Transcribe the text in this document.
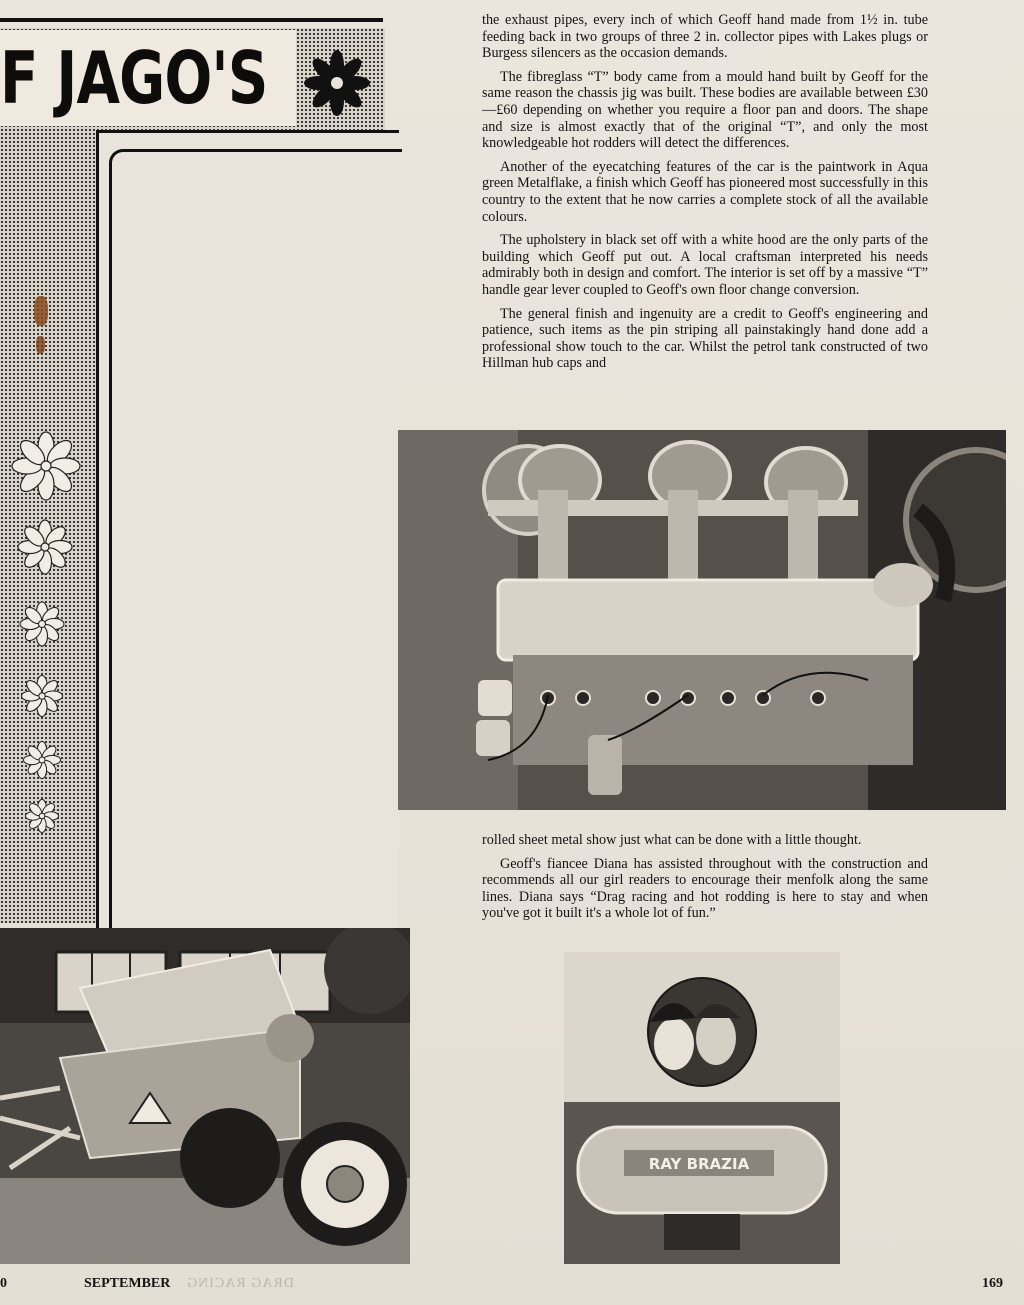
F JAGO'S

the exhaust pipes, every inch of which Geoff hand made from 1½ in. tube feeding back in two groups of three 2 in. collector pipes with Lakes plugs or Burgess silencers as the occasion demands.

The fibreglass “T” body came from a mould hand built by Geoff for the same reason the chassis jig was built. These bodies are available between £30—£60 depending on whether you require a floor pan and doors. The shape and size is almost exactly that of the original “T”, and only the most knowledgeable hot rodders will detect the differences.

Another of the eyecatching features of the car is the paintwork in Aqua green Metalflake, a finish which Geoff has pioneered most successfully in this country to the extent that he now carries a complete stock of all the available colours.

The upholstery in black set off with a white hood are the only parts of the building which Geoff put out. A local craftsman interpreted his needs admirably both in design and comfort. The interior is set off by a massive “T” handle gear lever coupled to Geoff's own floor change conversion.

The general finish and ingenuity are a credit to Geoff's engineering and patience, such items as the pin striping all painstakingly hand done add a professional show touch to the car. Whilst the petrol tank constructed of two Hillman hub caps and

rolled sheet metal show just what can be done with a little thought.

Geoff's fiancee Diana has assisted throughout with the construction and recommends all our girl readers to encourage their menfolk along the same lines. Diana says “Drag racing and hot rodding is here to stay and when you've got it built it's a whole lot of fun.”

RAY BRAZIA
0	SEPTEMBER DRAG RACING	169
